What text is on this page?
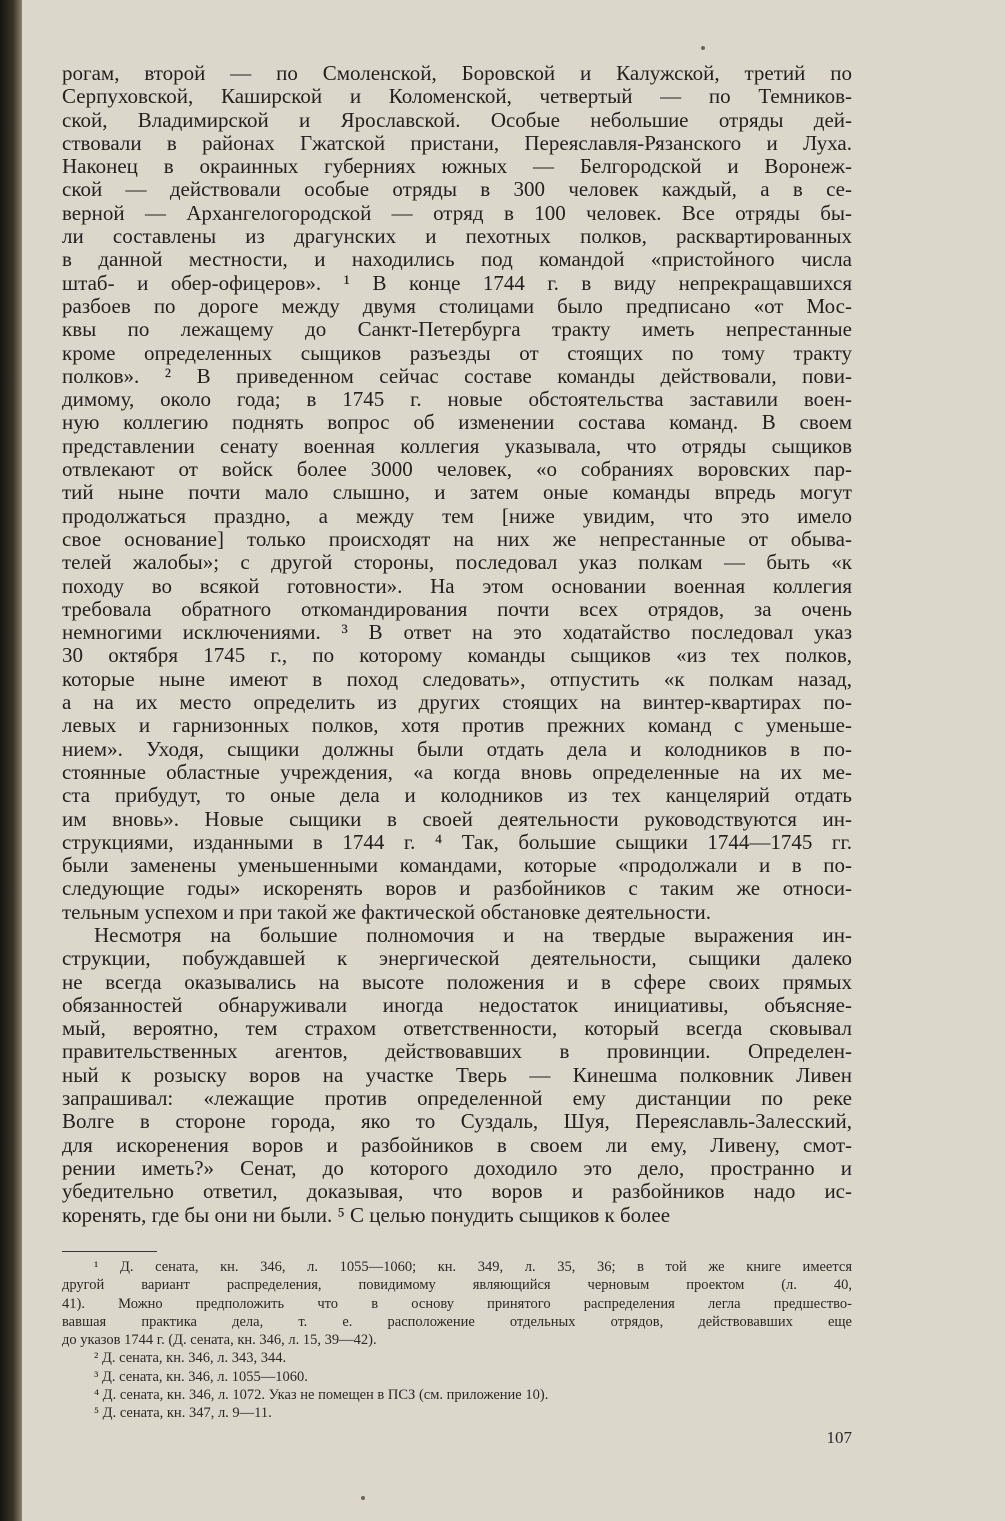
рогам, второй — по Смоленской, Боровской и Калужской, третий по
Серпуховской, Каширской и Коломенской, четвертый — по Темников-
ской, Владимирской и Ярославской. Особые небольшие отряды дей-
ствовали в районах Гжатской пристани, Переяславля-Рязанского и Луха.
Наконец в окраинных губерниях южных — Белгородской и Воронеж-
ской — действовали особые отряды в 300 человек каждый, а в се-
верной — Архангелогородской — отряд в 100 человек. Все отряды бы-
ли составлены из драгунских и пехотных полков, расквартированных
в данной местности, и находились под командой «пристойного числа
штаб- и обер-офицеров». ¹ В конце 1744 г. в виду непрекращавшихся
разбоев по дороге между двумя столицами было предписано «от Мос-
квы по лежащему до Санкт-Петербурга тракту иметь непрестанные
кроме определенных сыщиков разъезды от стоящих по тому тракту
полков». ² В приведенном сейчас составе команды действовали, пови-
димому, около года; в 1745 г. новые обстоятельства заставили воен-
ную коллегию поднять вопрос об изменении состава команд. В своем
представлении сенату военная коллегия указывала, что отряды сыщиков
отвлекают от войск более 3000 человек, «о собраниях воровских пар-
тий ныне почти мало слышно, и затем оные команды впредь могут
продолжаться праздно, а между тем [ниже увидим, что это имело
свое основание] только происходят на них же непрестанные от обыва-
телей жалобы»; с другой стороны, последовал указ полкам — быть «к
походу во всякой готовности». На этом основании военная коллегия
требовала обратного откомандирования почти всех отрядов, за очень
немногими исключениями. ³ В ответ на это ходатайство последовал указ
30 октября 1745 г., по которому команды сыщиков «из тех полков,
которые ныне имеют в поход следовать», отпустить «к полкам назад,
а на их место определить из других стоящих на винтер-квартирах по-
левых и гарнизонных полков, хотя против прежних команд с уменьше-
нием». Уходя, сыщики должны были отдать дела и колодников в по-
стоянные областные учреждения, «а когда вновь определенные на их ме-
ста прибудут, то оные дела и колодников из тех канцелярий отдать
им вновь». Новые сыщики в своей деятельности руководствуются ин-
струкциями, изданными в 1744 г. ⁴ Так, большие сыщики 1744—1745 гг.
были заменены уменьшенными командами, которые «продолжали и в по-
следующие годы» искоренять воров и разбойников с таким же относи-
тельным успехом и при такой же фактической обстановке деятельности.
Несмотря на большие полномочия и на твердые выражения ин-
струкции, побуждавшей к энергической деятельности, сыщики далеко
не всегда оказывались на высоте положения и в сфере своих прямых
обязанностей обнаруживали иногда недостаток инициативы, объясняе-
мый, вероятно, тем страхом ответственности, который всегда сковывал
правительственных агентов, действовавших в провинции. Определен-
ный к розыску воров на участке Тверь — Кинешма полковник Ливен
запрашивал: «лежащие против определенной ему дистанции по реке
Волге в стороне города, яко то Суздаль, Шуя, Переяславль-Залесский,
для искоренения воров и разбойников в своем ли ему, Ливену, смот-
рении иметь?» Сенат, до которого доходило это дело, пространно и
убедительно ответил, доказывая, что воров и разбойников надо ис-
коренять, где бы они ни были. ⁵ С целью понудить сыщиков к более
¹ Д. сената, кн. 346, л. 1055—1060; кн. 349, л. 35, 36; в той же книге имеется
другой вариант распределения, повидимому являющийся черновым проектом (л. 40,
41). Можно предположить что в основу принятого распределения легла предшество-
вавшая практика дела, т. е. расположение отдельных отрядов, действовавших еще
до указов 1744 г. (Д. сената, кн. 346, л. 15, 39—42).
² Д. сената, кн. 346, л. 343, 344.
³ Д. сената, кн. 346, л. 1055—1060.
⁴ Д. сената, кн. 346, л. 1072. Указ не помещен в ПСЗ (см. приложение 10).
⁵ Д. сената, кн. 347, л. 9—11.
107
